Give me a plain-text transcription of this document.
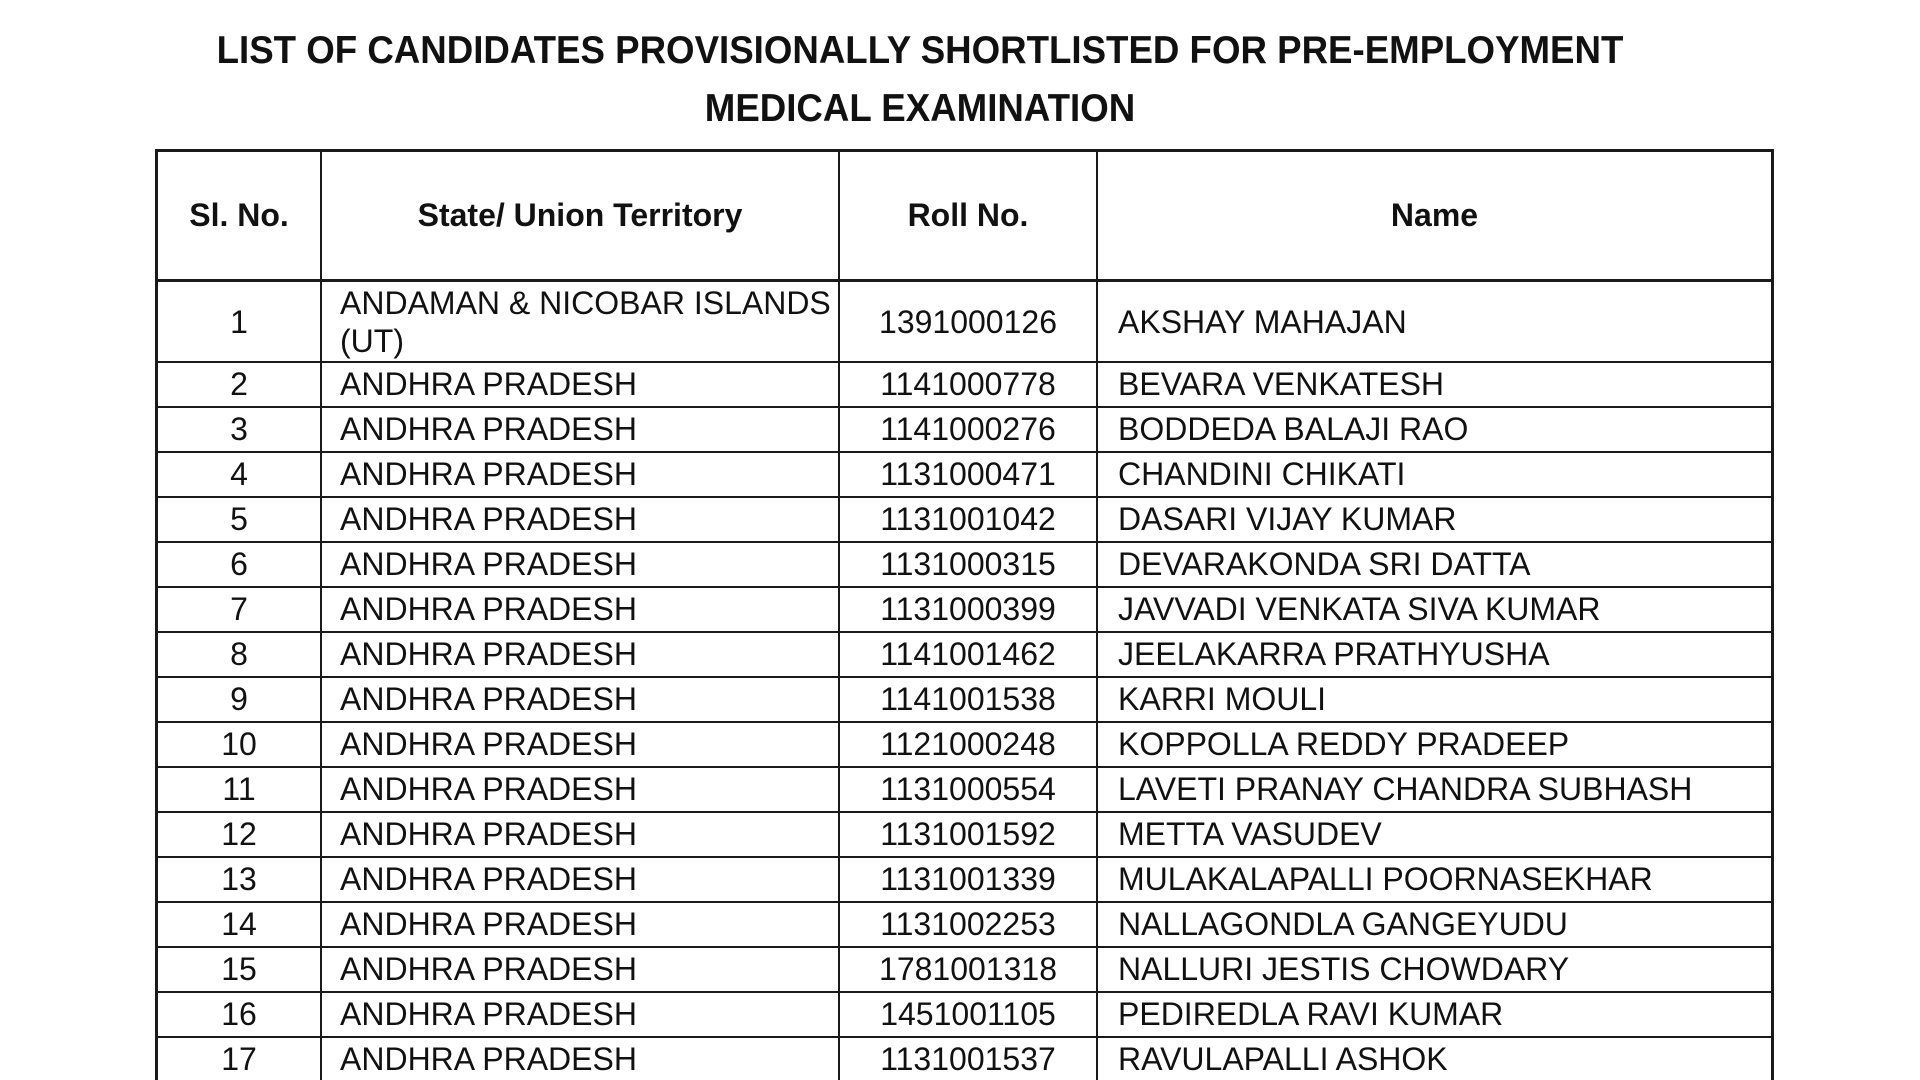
LIST OF CANDIDATES PROVISIONALLY SHORTLISTED FOR PRE-EMPLOYMENT
MEDICAL EXAMINATION
Sl. No.	State/ Union Territory	Roll No.	Name
1	ANDAMAN & NICOBAR ISLANDS (UT)	1391000126	AKSHAY MAHAJAN
2	ANDHRA PRADESH	1141000778	BEVARA VENKATESH
3	ANDHRA PRADESH	1141000276	BODDEDA BALAJI RAO
4	ANDHRA PRADESH	1131000471	CHANDINI CHIKATI
5	ANDHRA PRADESH	1131001042	DASARI VIJAY KUMAR
6	ANDHRA PRADESH	1131000315	DEVARAKONDA SRI DATTA
7	ANDHRA PRADESH	1131000399	JAVVADI VENKATA SIVA KUMAR
8	ANDHRA PRADESH	1141001462	JEELAKARRA PRATHYUSHA
9	ANDHRA PRADESH	1141001538	KARRI MOULI
10	ANDHRA PRADESH	1121000248	KOPPOLLA REDDY PRADEEP
11	ANDHRA PRADESH	1131000554	LAVETI PRANAY CHANDRA SUBHASH
12	ANDHRA PRADESH	1131001592	METTA VASUDEV
13	ANDHRA PRADESH	1131001339	MULAKALAPALLI POORNASEKHAR
14	ANDHRA PRADESH	1131002253	NALLAGONDLA GANGEYUDU
15	ANDHRA PRADESH	1781001318	NALLURI JESTIS CHOWDARY
16	ANDHRA PRADESH	1451001105	PEDIREDLA RAVI KUMAR
17	ANDHRA PRADESH	1131001537	RAVULAPALLI ASHOK
